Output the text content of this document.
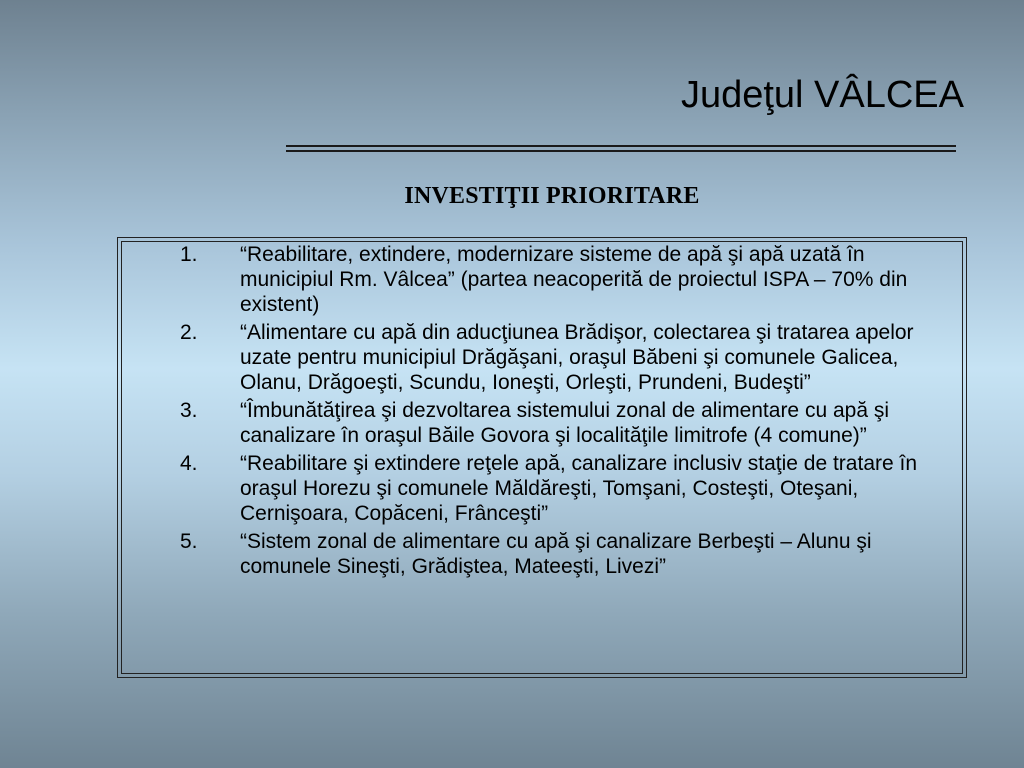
Judeţul VÂLCEA
INVESTIŢII PRIORITARE
1.	“Reabilitare, extindere, modernizare sisteme de apă şi apă uzată în municipiul Rm. Vâlcea” (partea neacoperită de proiectul ISPA – 70% din existent)
2.	“Alimentare cu apă din aducţiunea Brădişor, colectarea şi tratarea apelor uzate pentru municipiul Drăgăşani, oraşul Băbeni şi comunele Galicea, Olanu, Drăgoeşti, Scundu, Ioneşti, Orleşti, Prundeni, Budeşti”
3.	“Îmbunătăţirea şi dezvoltarea sistemului zonal de alimentare cu apă şi canalizare în oraşul Băile Govora şi localităţile limitrofe (4 comune)”
4.	“Reabilitare şi extindere reţele apă, canalizare inclusiv staţie de tratare în oraşul Horezu şi comunele Măldăreşti, Tomşani, Costeşti, Oteşani, Cernişoara, Copăceni, Frânceşti”
5.	“Sistem zonal de alimentare cu apă şi canalizare Berbeşti – Alunu şi comunele Sineşti, Grădiştea, Mateeşti, Livezi”
